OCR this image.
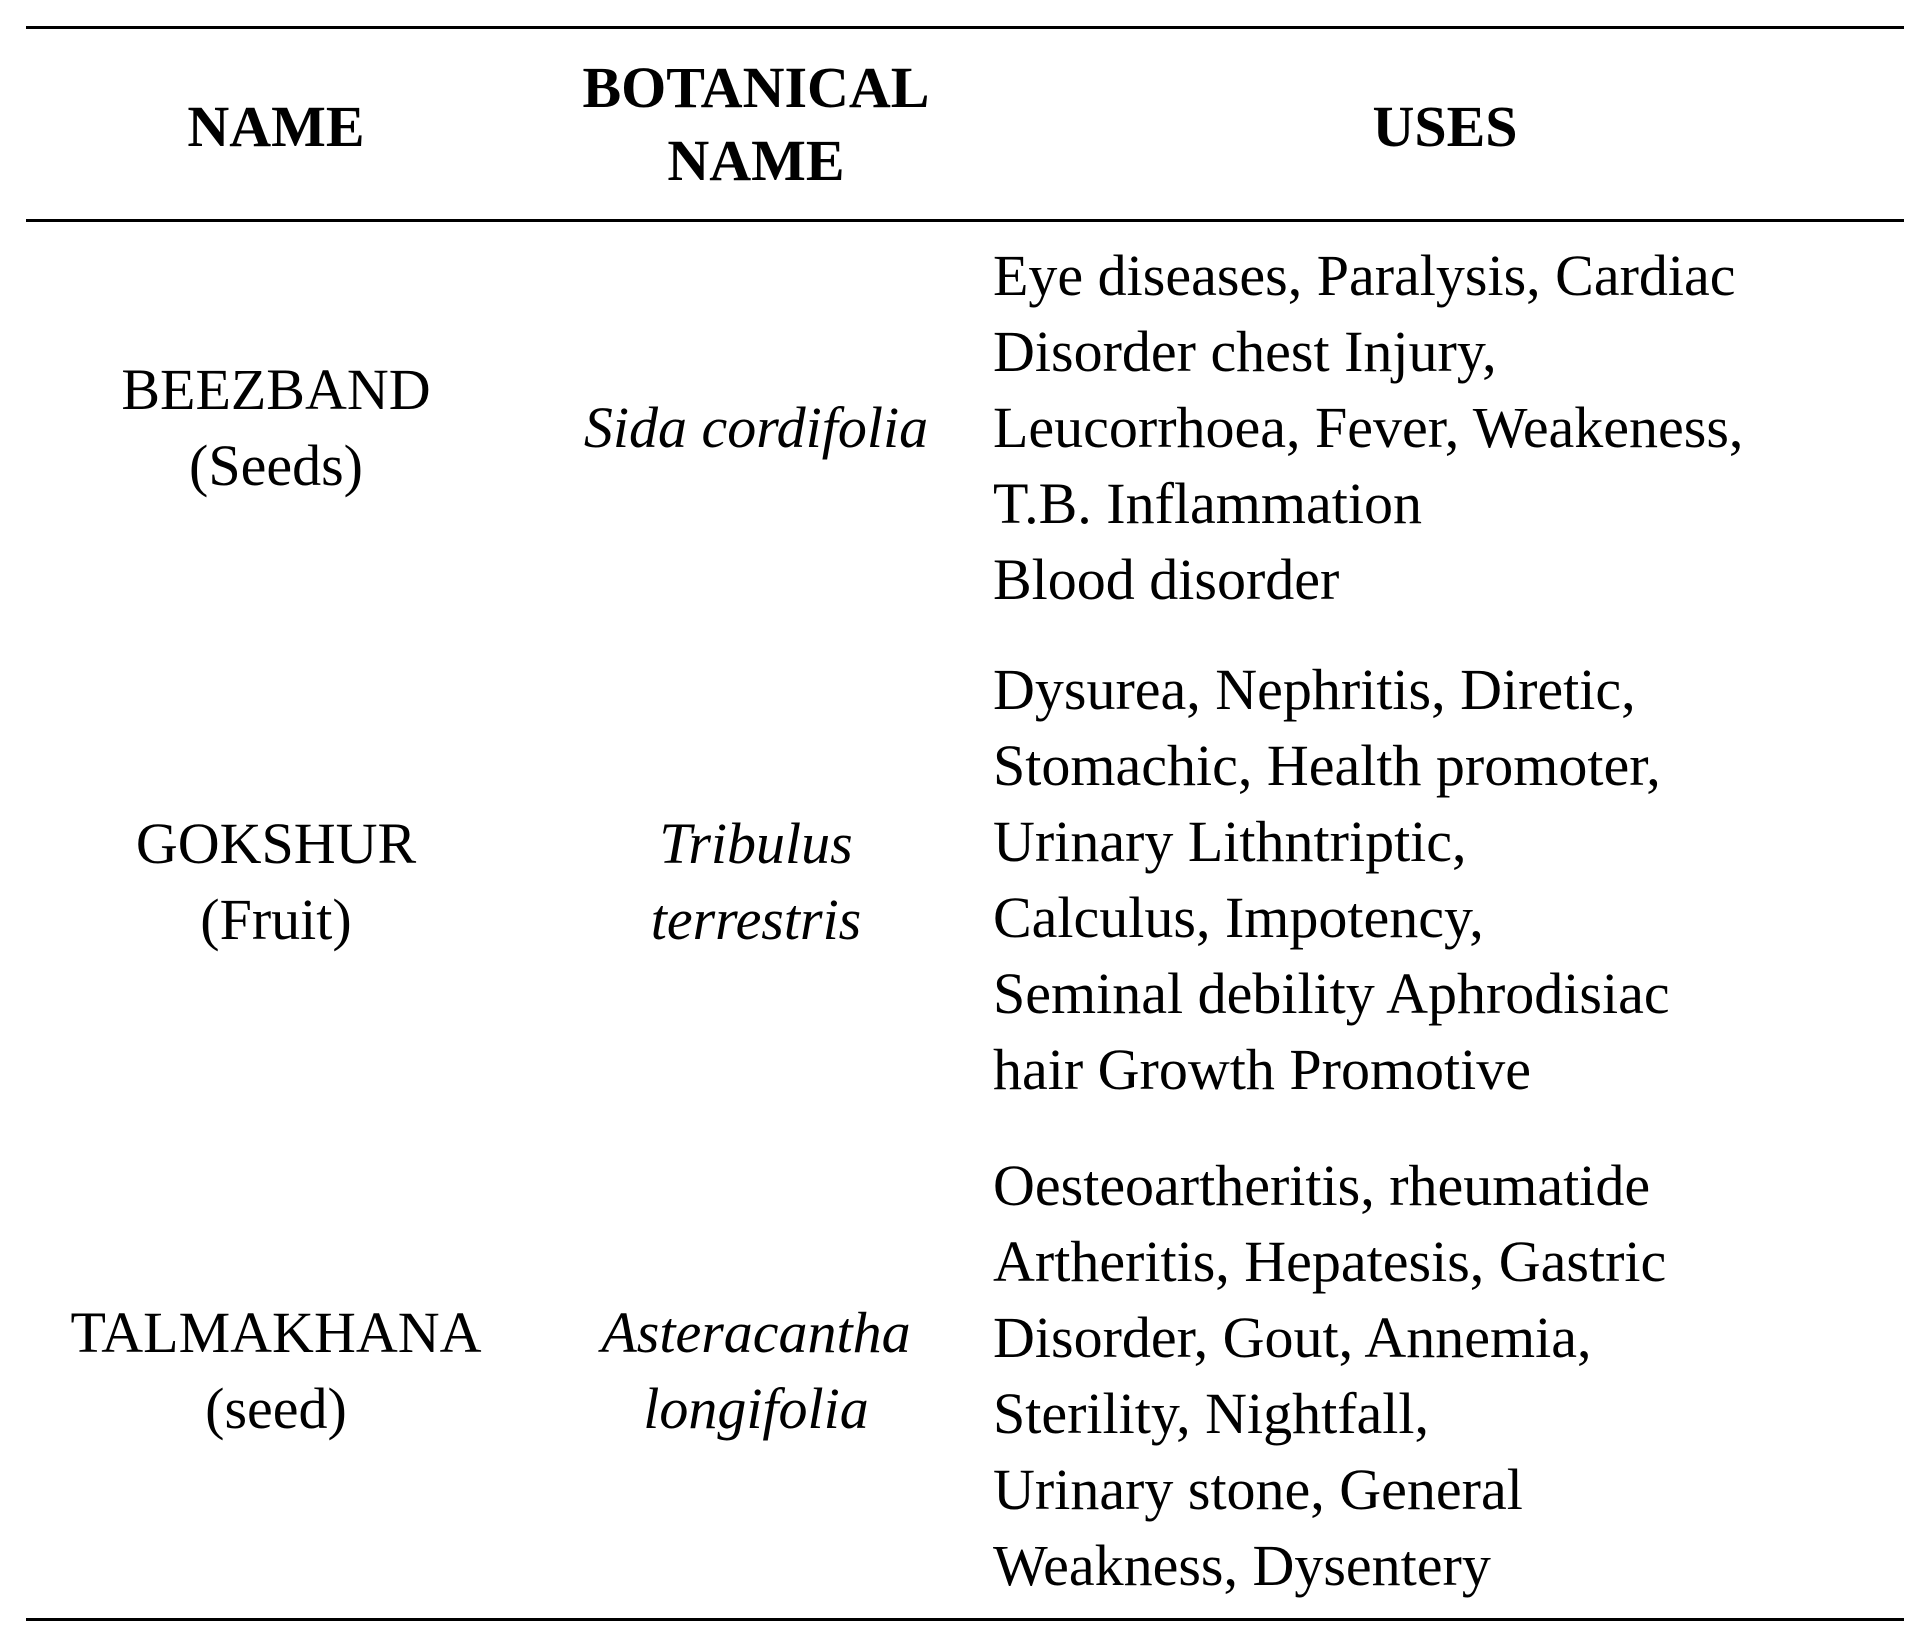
NAME
BOTANICAL
NAME
USES
BEEZBAND
(Seeds)
Sida cordifolia
Eye diseases, Paralysis, Cardiac
Disorder chest Injury,
Leucorrhoea, Fever, Weakeness,
T.B. Inflammation
Blood disorder
GOKSHUR
(Fruit)
Tribulus
terrestris
Dysurea, Nephritis, Diretic,
Stomachic, Health promoter,
Urinary Lithntriptic,
Calculus, Impotency,
Seminal debility Aphrodisiac
hair Growth Promotive
TALMAKHANA
(seed)
Asteracantha
longifolia
Oesteoartheritis, rheumatide
Artheritis, Hepatesis, Gastric
Disorder, Gout, Annemia,
Sterility, Nightfall,
Urinary stone, General
Weakness, Dysentery
